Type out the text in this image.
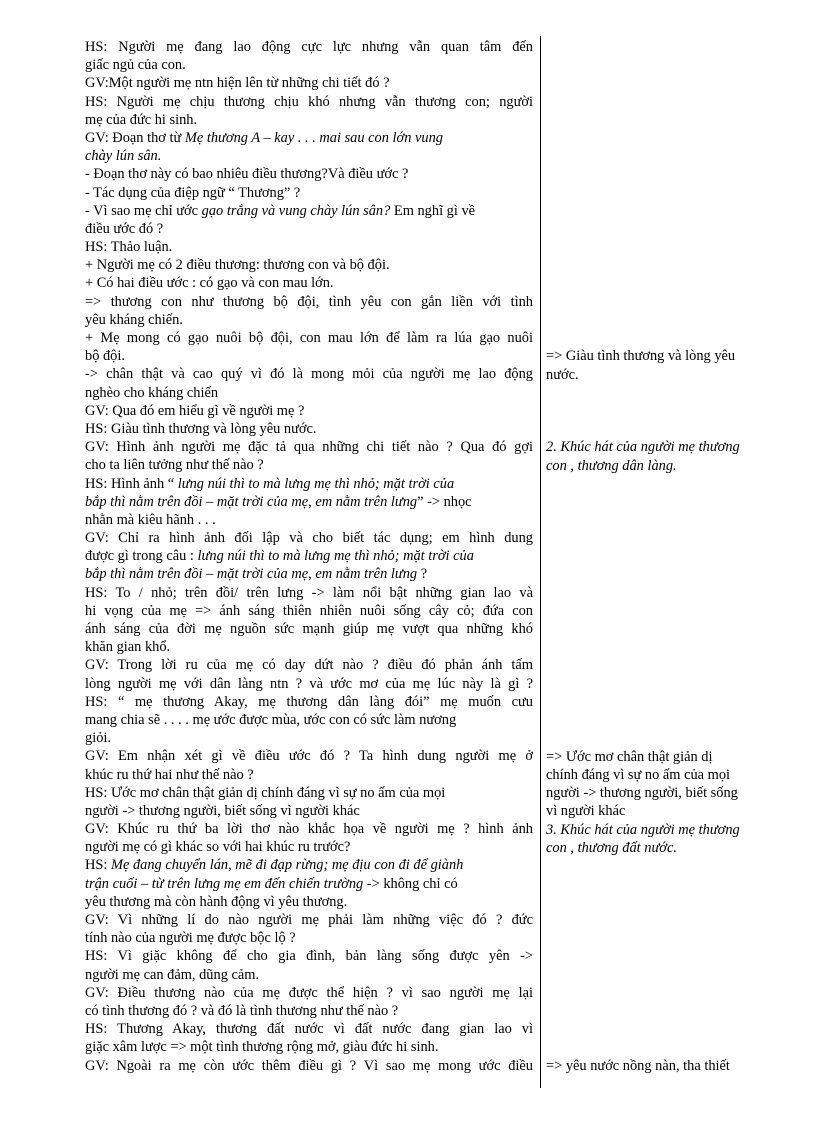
HS: Người mẹ đang lao động cực lực nhưng vẫn quan tâm đến
giấc ngủ của con.
GV:Một người mẹ ntn hiện lên từ những chi tiết đó ?
HS: Người mẹ chịu thương chịu khó nhưng vẫn thương con; người
mẹ của đức hi sinh.
GV: Đoạn thơ từ Mẹ thương A – kay . . . mai sau con lớn vung
chày lún sân.
- Đoạn thơ này có bao nhiêu điều thương?Và điều ước ?
- Tác dụng của điệp ngữ “ Thương” ?
- Vì sao mẹ chỉ ước gạo trắng và vung chày lún sân? Em nghĩ gì về
điều ước đó ?
HS: Thảo luận.
+ Người mẹ có 2 điều thương: thương con và bộ đội.
+ Có hai điều ước : có gạo và con mau lớn.
=> thương con như thương bộ đội, tình yêu con gắn liền với tình
yêu kháng chiến.
+ Mẹ mong có gạo nuôi bộ đội, con mau lớn để làm ra lúa gạo nuôi
bộ đội.
-> chân thật và cao quý vì đó là mong mỏi của người mẹ lao động
nghèo cho kháng chiến
GV: Qua đó em hiểu gì về người mẹ ?
HS: Giàu tình thương và lòng yêu nước.
GV: Hình ảnh người mẹ đặc tả qua những chi tiết nào ? Qua đó gợi
cho ta liên tưởng như thế nào ?
HS: Hình ảnh “ lưng núi thì to mà lưng mẹ thì nhỏ; mặt trời của
bắp thì nằm trên đồi – mặt trời của mẹ, em nằm trên lưng” -> nhọc
nhằn mà kiêu hãnh . . .
GV: Chỉ ra hình ảnh đối lập và cho biết tác dụng; em hình dung
được gì trong câu : lưng núi thì to mà lưng mẹ thì nhỏ; mặt trời của
bắp thì nằm trên đồi – mặt trời của mẹ, em nằm trên lưng ?
HS: To / nhỏ; trên đồi/ trên lưng -> làm nổi bật những gian lao và
hi vọng của mẹ => ánh sáng thiên nhiên nuôi sống cây cỏ; đứa con
ánh sáng của đời mẹ nguồn sức mạnh giúp mẹ vượt qua những khó
khăn gian khổ.
GV: Trong lời ru của mẹ có day dứt nào ? điều đó phản ánh tấm
lòng người mẹ với dân làng ntn ? và ước mơ của mẹ lúc này là gì ?
HS: “ mẹ thương Akay, mẹ thương dân làng đói” mẹ muốn cưu
mang chia sẽ . . . . mẹ ước được mùa, ước con có sức làm nương
giỏi.
GV: Em nhận xét gì về điều ước đó ? Ta hình dung người mẹ ở
khúc ru thứ hai như thế nào ?
HS: Ước mơ chân thật giản dị chính đáng vì sự no ấm của mọi
người -> thương người, biết sống vì người khác
GV: Khúc ru thứ ba lời thơ nào khắc họa về người mẹ ? hình ảnh
người mẹ có gì khác so với hai khúc ru trước?
HS: Mẹ đang chuyển lán, mẽ đi đạp rừng; mẹ địu con đi để giành
trận cuối – từ trên lưng mẹ em đến chiến trường -> không chỉ có
yêu thương mà còn hành động vì yêu thương.
GV: Vì những lí do nào người mẹ phải làm những việc đó ? đức
tính nào của người mẹ được bộc lộ ?
HS: Vì giặc không để cho gia đình, bản làng sống được yên ->
người mẹ can đảm, dũng cảm.
GV: Điều thương nào của mẹ được thể hiện ? vì sao người mẹ lại
có tình thương đó ? và đó là tình thương như thế nào ?
HS: Thương Akay, thương đất nước vì đất nước đang gian lao vì
giặc xâm lược => một tình thương rộng mở, giàu đức hi sinh.
GV: Ngoài ra mẹ còn ước thêm điều gì ? Vì sao mẹ mong ước điều
=> Giàu tình thương và lòng yêu
nước.
2. Khúc hát của người mẹ thương
con , thương dân làng.
=> Ước mơ chân thật giản dị
chính đáng vì sự no ấm của mọi
người -> thương người, biết sống
vì người khác
3. Khúc hát của người mẹ thương
con , thương đất nước.
=> yêu nước nồng nàn, tha thiết
